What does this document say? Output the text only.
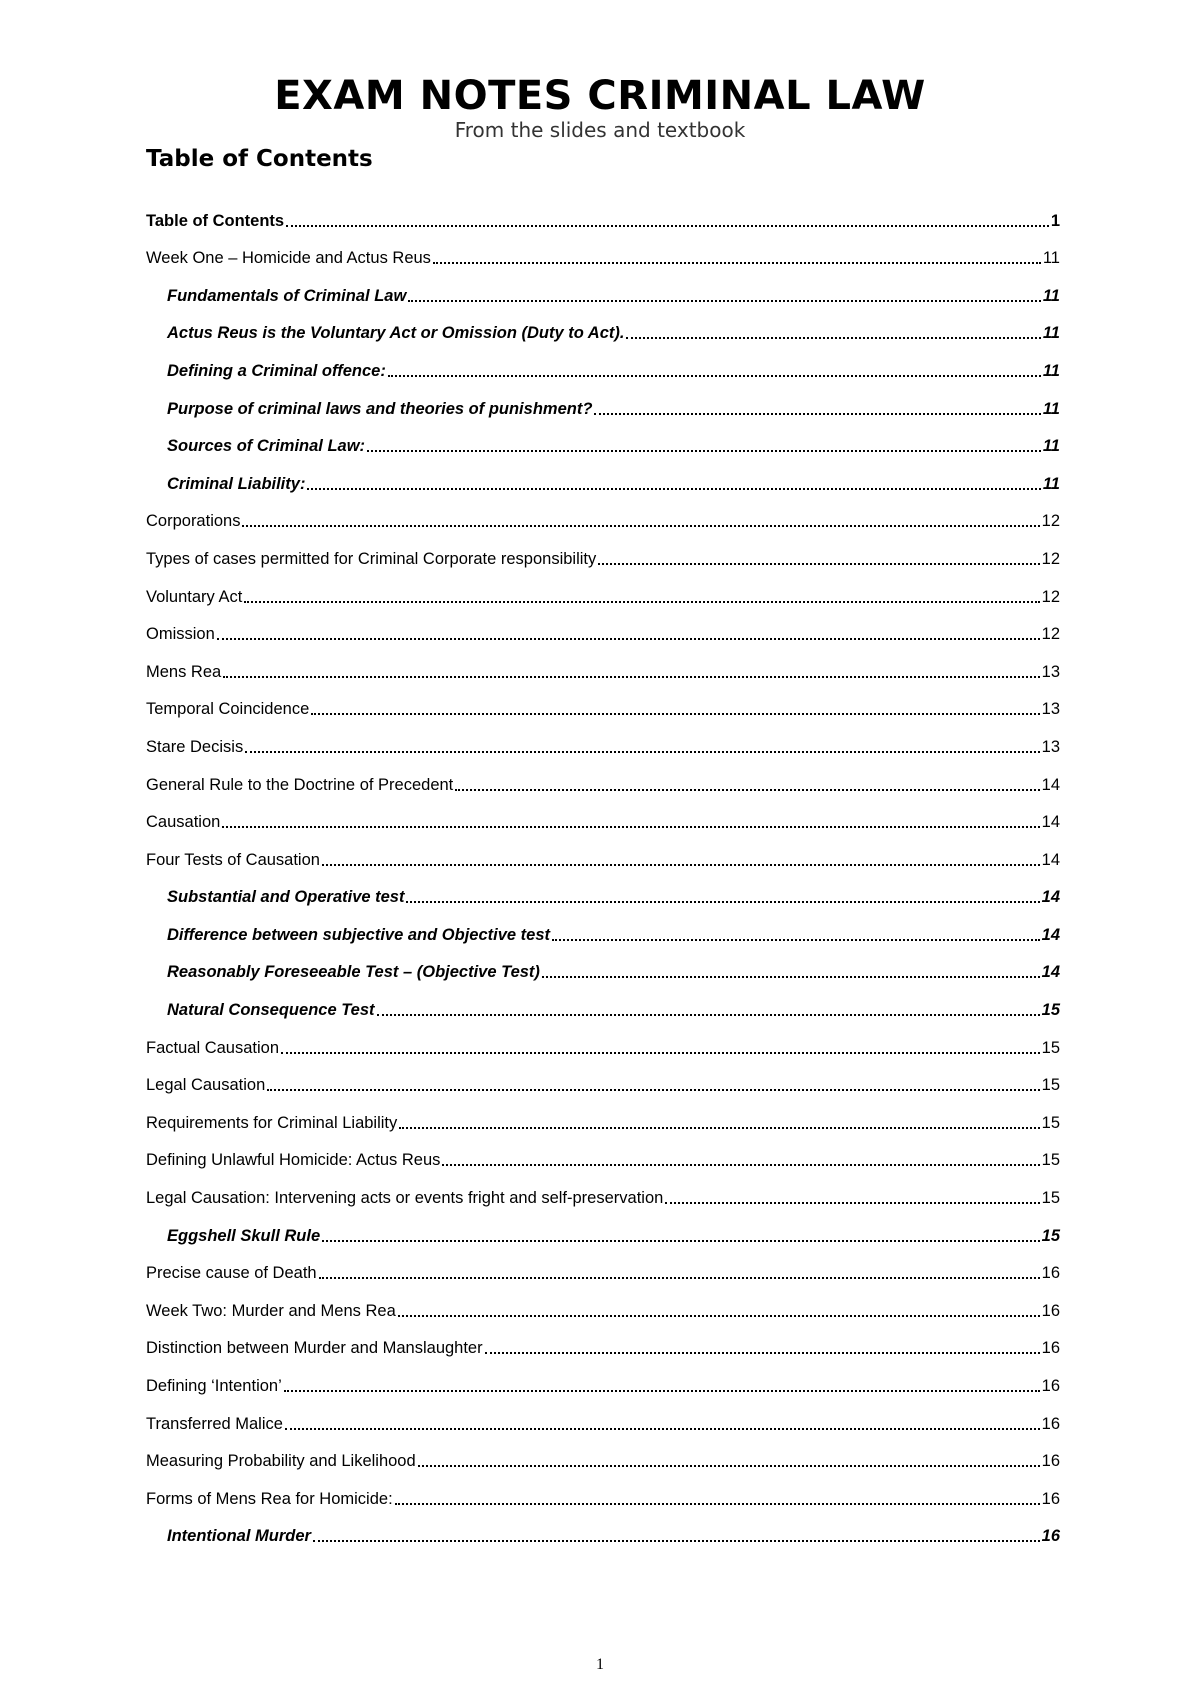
EXAM NOTES CRIMINAL LAW
From the slides and textbook
Table of Contents
Table of Contents	1
Week One – Homicide and Actus Reus	11
Fundamentals of Criminal Law	11
Actus Reus is the Voluntary Act or Omission (Duty to Act).	11
Defining a Criminal offence:	11
Purpose of criminal laws and theories of punishment?	11
Sources of Criminal Law:	11
Criminal Liability:	11
Corporations	12
Types of cases permitted for Criminal Corporate responsibility	12
Voluntary Act	12
Omission	12
Mens Rea	13
Temporal Coincidence	13
Stare Decisis	13
General Rule to the Doctrine of Precedent	14
Causation	14
Four Tests of Causation	14
Substantial and Operative test	14
Difference between subjective and Objective test	14
Reasonably Foreseeable Test – (Objective Test)	14
Natural Consequence Test	15
Factual Causation	15
Legal Causation	15
Requirements for Criminal Liability	15
Defining Unlawful Homicide: Actus Reus	15
Legal Causation: Intervening acts or events fright and self-preservation	15
Eggshell Skull Rule	15
Precise cause of Death	16
Week Two: Murder and Mens Rea	16
Distinction between Murder and Manslaughter	16
Defining ‘Intention’	16
Transferred Malice	16
Measuring Probability and Likelihood	16
Forms of Mens Rea for Homicide:	16
Intentional Murder	16
1
